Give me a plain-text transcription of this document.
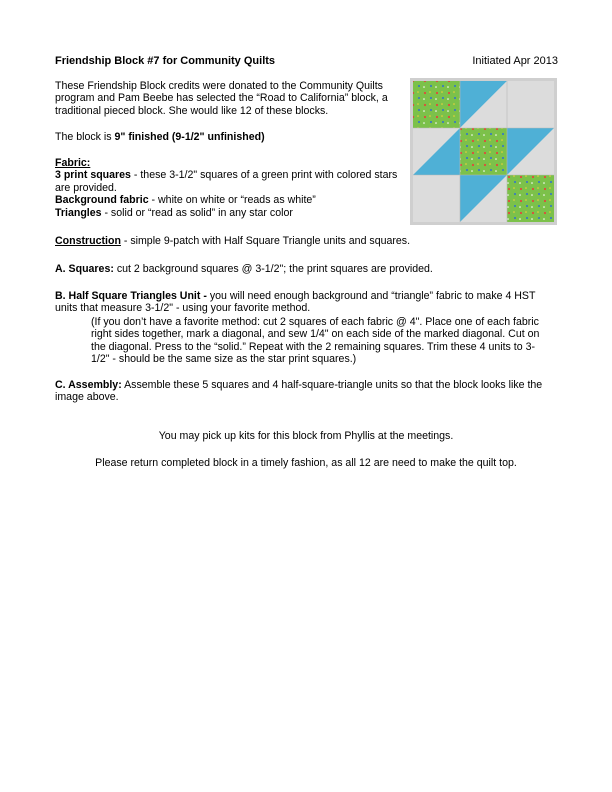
Friendship Block #7 for Community Quilts	Initiated Apr 2013

These Friendship Block credits were donated to the Community Quilts
program and Pam Beebe has selected the “Road to California” block, a
traditional pieced block. She would like 12 of these blocks.

The block is 9" finished (9-1/2" unfinished)

Fabric:
3 print squares - these 3-1/2" squares of a green print with colored stars
are provided.
Background fabric - white on white or “reads as white”
Triangles - solid or “read as solid” in any star color

Construction - simple 9-patch with Half Square Triangle units and squares.

A. Squares: cut 2 background squares @ 3-1/2"; the print squares are provided.

B. Half Square Triangles Unit - you will need enough background and “triangle” fabric to make 4 HST
units that measure 3-1/2" - using your favorite method.
(If you don’t have a favorite method: cut 2 squares of each fabric @ 4". Place one of each fabric
right sides together, mark a diagonal, and sew 1/4" on each side of the marked diagonal. Cut on
the diagonal. Press to the “solid.” Repeat with the 2 remaining squares. Trim these 4 units to 3-
1/2" - should be the same size as the star print squares.)
C. Assembly: Assemble these 5 squares and 4 half-square-triangle units so that the block looks like the
image above.

You may pick up kits for this block from Phyllis at the meetings.

Please return completed block in a timely fashion, as all 12 are need to make the quilt top.
